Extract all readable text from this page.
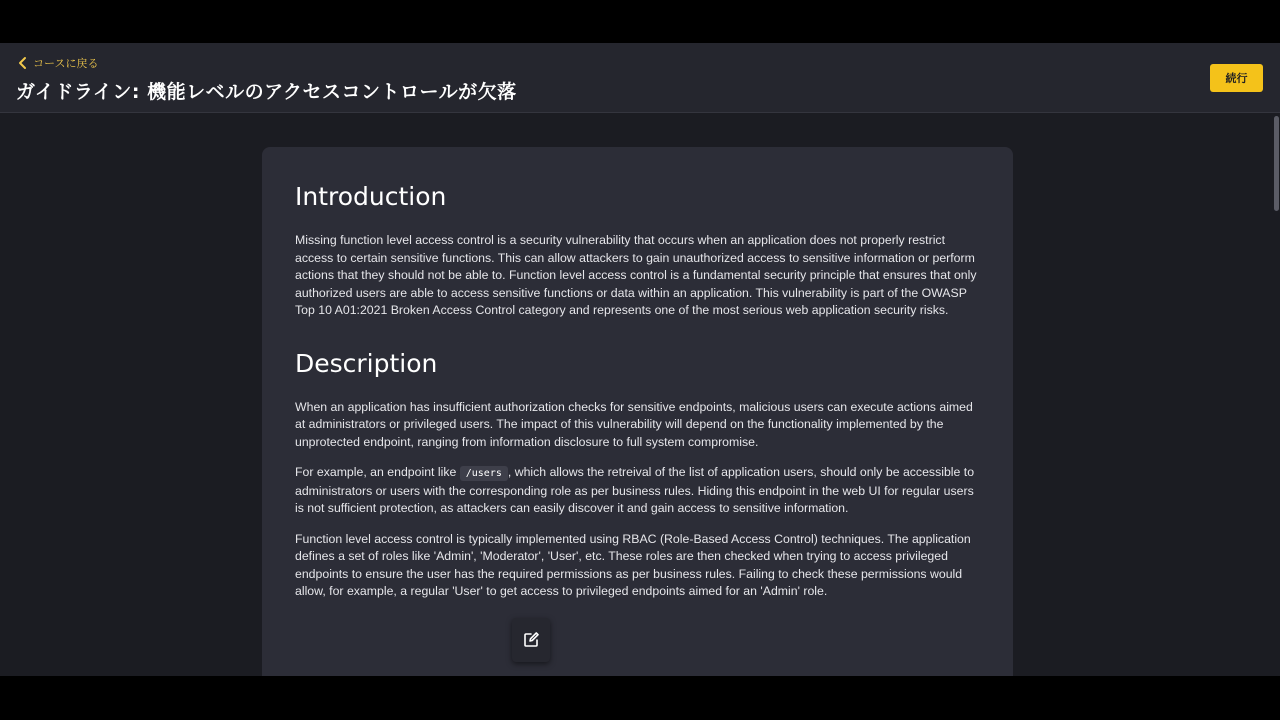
コースに戻る
ガイドライン: 機能レベルのアクセスコントロールが欠落
続行
Introduction

Missing function level access control is a security vulnerability that occurs when an application does not properly restrict access to certain sensitive functions. This can allow attackers to gain unauthorized access to sensitive information or perform actions that they should not be able to. Function level access control is a fundamental security principle that ensures that only authorized users are able to access sensitive functions or data within an application. This vulnerability is part of the OWASP Top 10 A01:2021 Broken Access Control category and represents one of the most serious web application security risks.

Description

When an application has insufficient authorization checks for sensitive endpoints, malicious users can execute actions aimed at administrators or privileged users. The impact of this vulnerability will depend on the functionality implemented by the unprotected endpoint, ranging from information disclosure to full system compromise.

For example, an endpoint like /users , which allows the retreival of the list of application users, should only be accessible to administrators or users with the corresponding role as per business rules. Hiding this endpoint in the web UI for regular users is not sufficient protection, as attackers can easily discover it and gain access to sensitive information.

Function level access control is typically implemented using RBAC (Role-Based Access Control) techniques. The application defines a set of roles like 'Admin', 'Moderator', 'User', etc. These roles are then checked when trying to access privileged endpoints to ensure the user has the required permissions as per business rules. Failing to check these permissions would allow, for example, a regular 'User' to get access to privileged endpoints aimed for an 'Admin' role.
